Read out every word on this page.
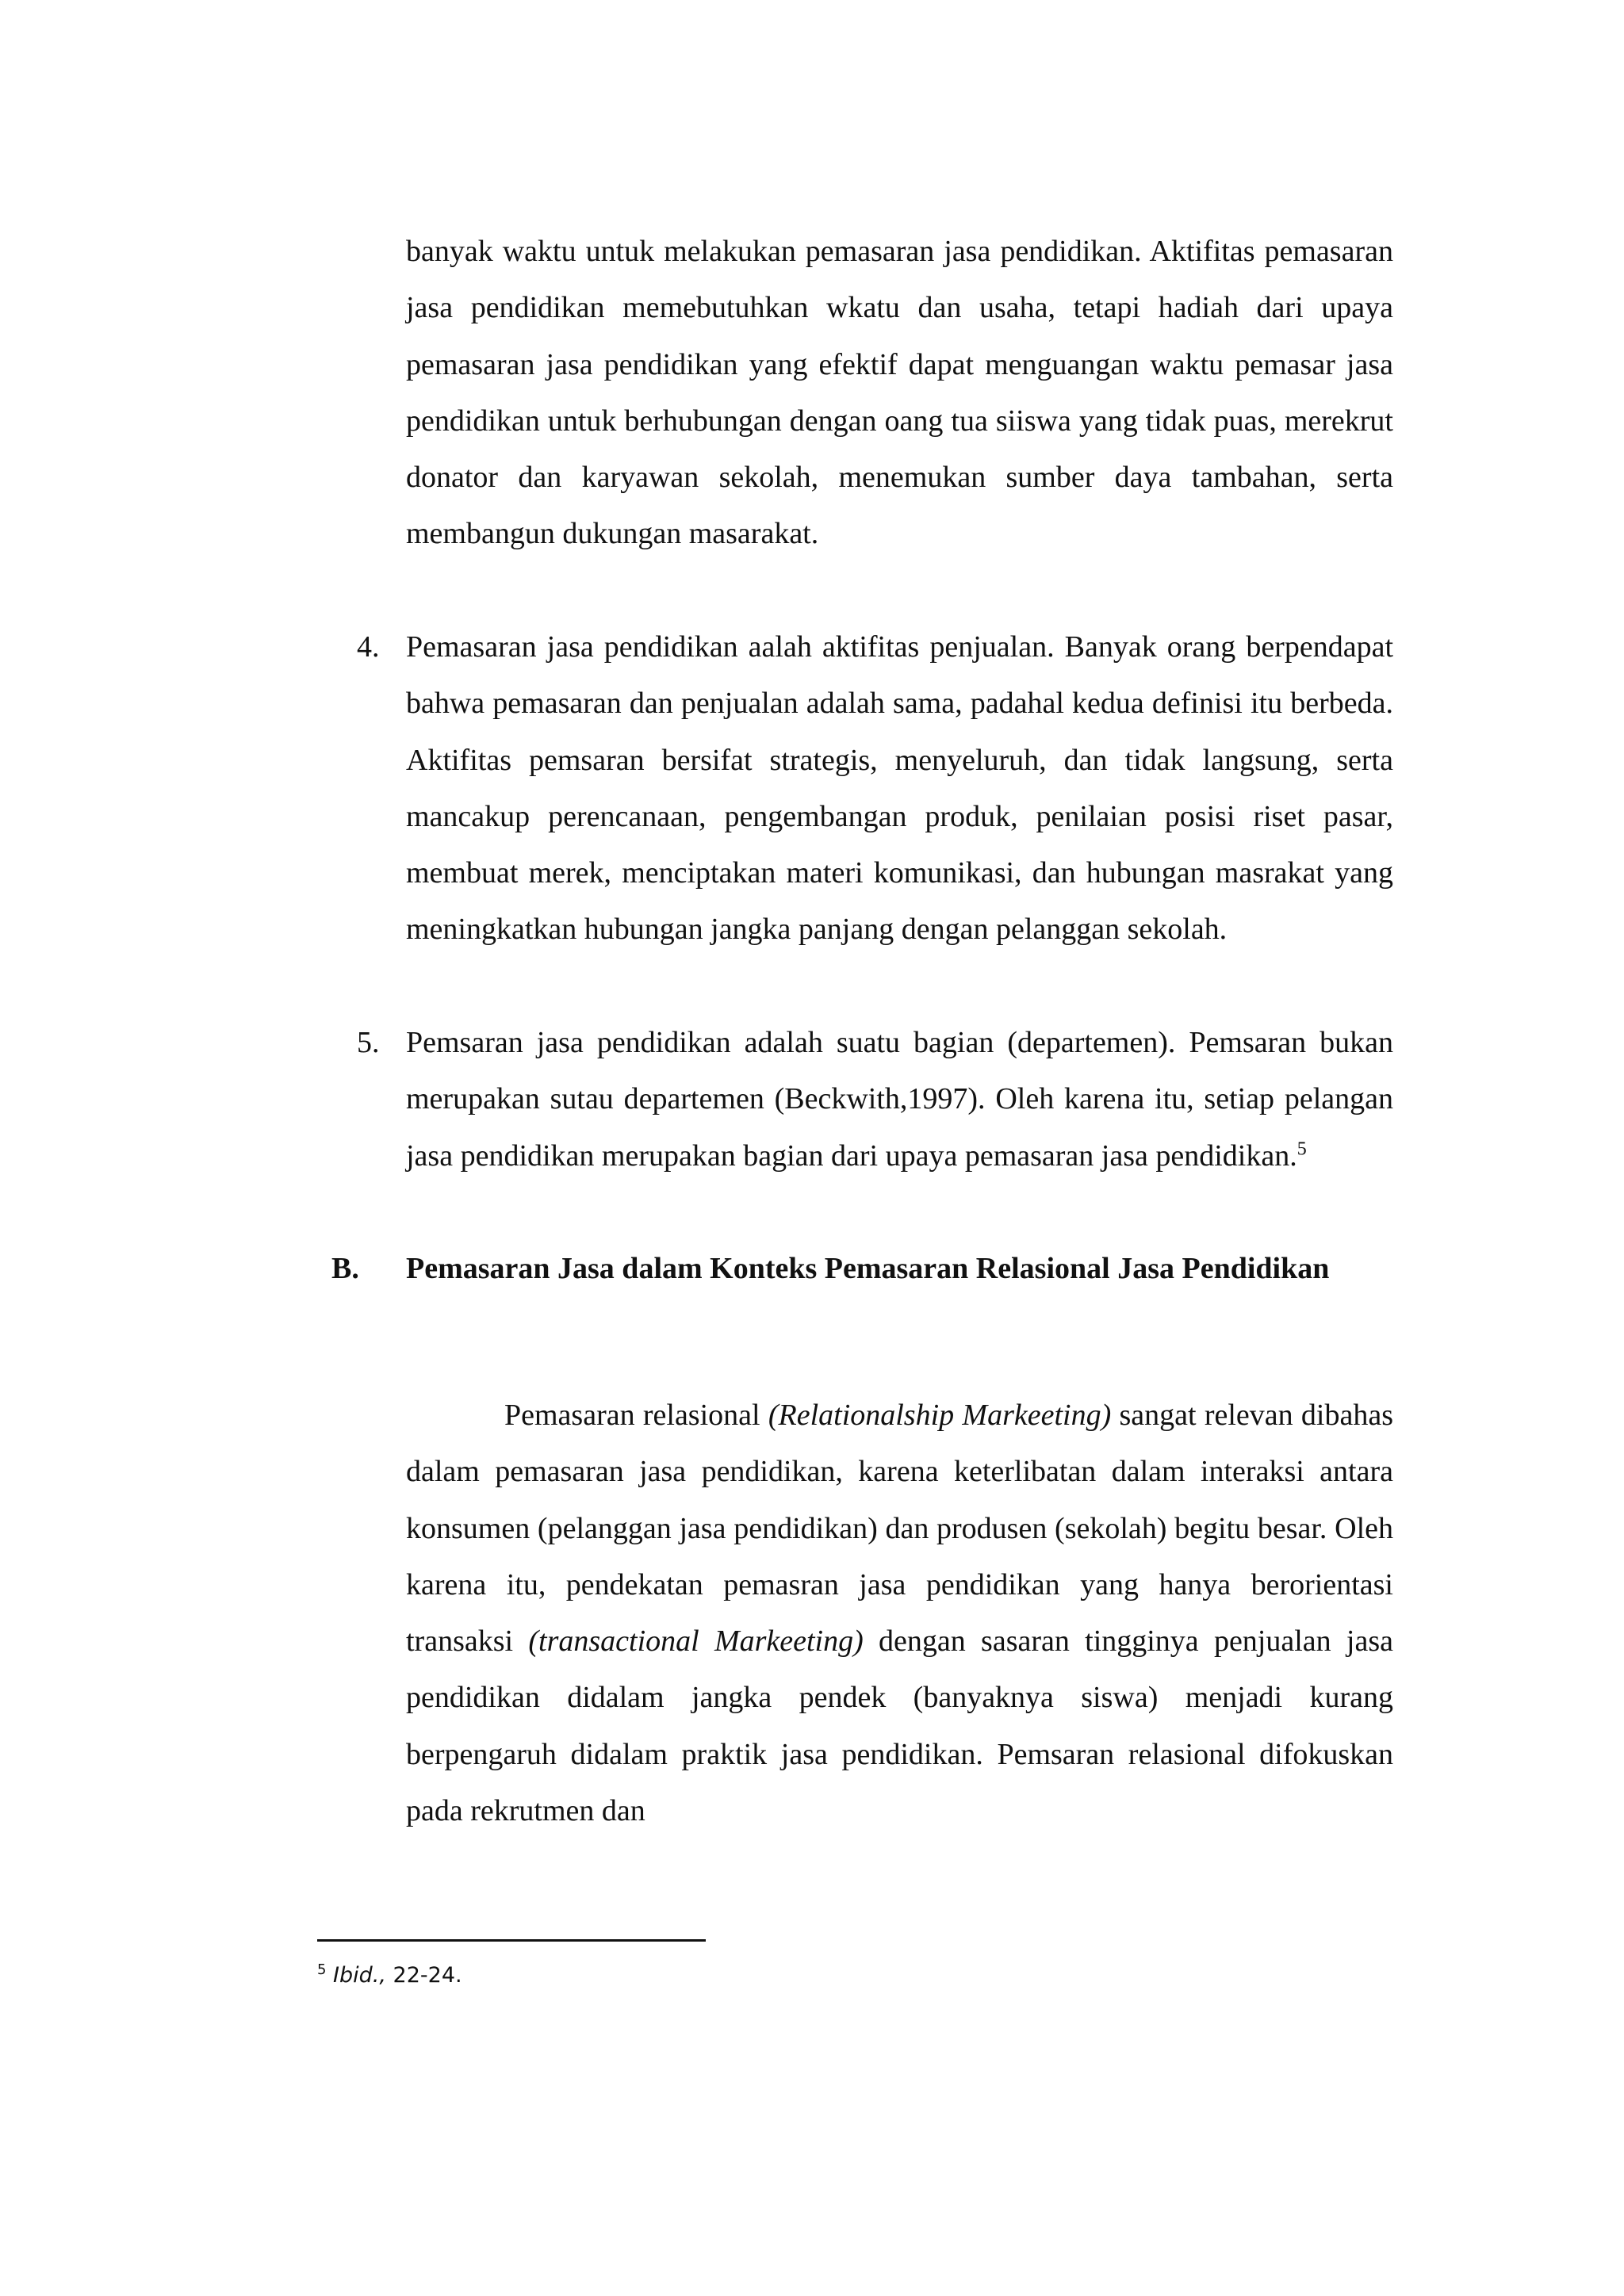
banyak waktu untuk melakukan pemasaran jasa pendidikan. Aktifitas pemasaran jasa pendidikan memebutuhkan wkatu dan usaha, tetapi hadiah dari upaya pemasaran jasa pendidikan yang efektif dapat menguangan waktu pemasar jasa pendidikan untuk berhubungan dengan oang tua siiswa yang tidak puas, merekrut donator dan karyawan sekolah, menemukan sumber daya tambahan, serta membangun dukungan masarakat.

4. Pemasaran jasa pendidikan aalah aktifitas penjualan. Banyak orang berpendapat bahwa pemasaran dan penjualan adalah sama, padahal kedua definisi itu berbeda. Aktifitas pemsaran bersifat strategis, menyeluruh, dan tidak langsung, serta mancakup perencanaan, pengembangan produk, penilaian posisi riset pasar, membuat merek, menciptakan materi komunikasi, dan hubungan masrakat yang meningkatkan hubungan jangka panjang dengan pelanggan sekolah.

5. Pemsaran jasa pendidikan adalah suatu bagian (departemen). Pemsaran bukan merupakan sutau departemen (Beckwith,1997). Oleh karena itu, setiap pelangan jasa pendidikan merupakan bagian dari upaya pemasaran jasa pendidikan.$^5$

B. Pemasaran Jasa dalam Konteks Pemasaran Relasional Jasa Pendidikan

Pemasaran relasional (Relationalship Markeeting) sangat relevan dibahas dalam pemasaran jasa pendidikan, karena keterlibatan dalam interaksi antara konsumen (pelanggan jasa pendidikan) dan produsen (sekolah) begitu besar. Oleh karena itu, pendekatan pemasran jasa pendidikan yang hanya berorientasi transaksi (transactional Markeeting) dengan sasaran tingginya penjualan jasa pendidikan didalam jangka pendek (banyaknya siswa) menjadi kurang berpengaruh didalam praktik jasa pendidikan. Pemsaran relasional difokuskan pada rekrutmen dan
$^5$ Ibid., 22-24.
